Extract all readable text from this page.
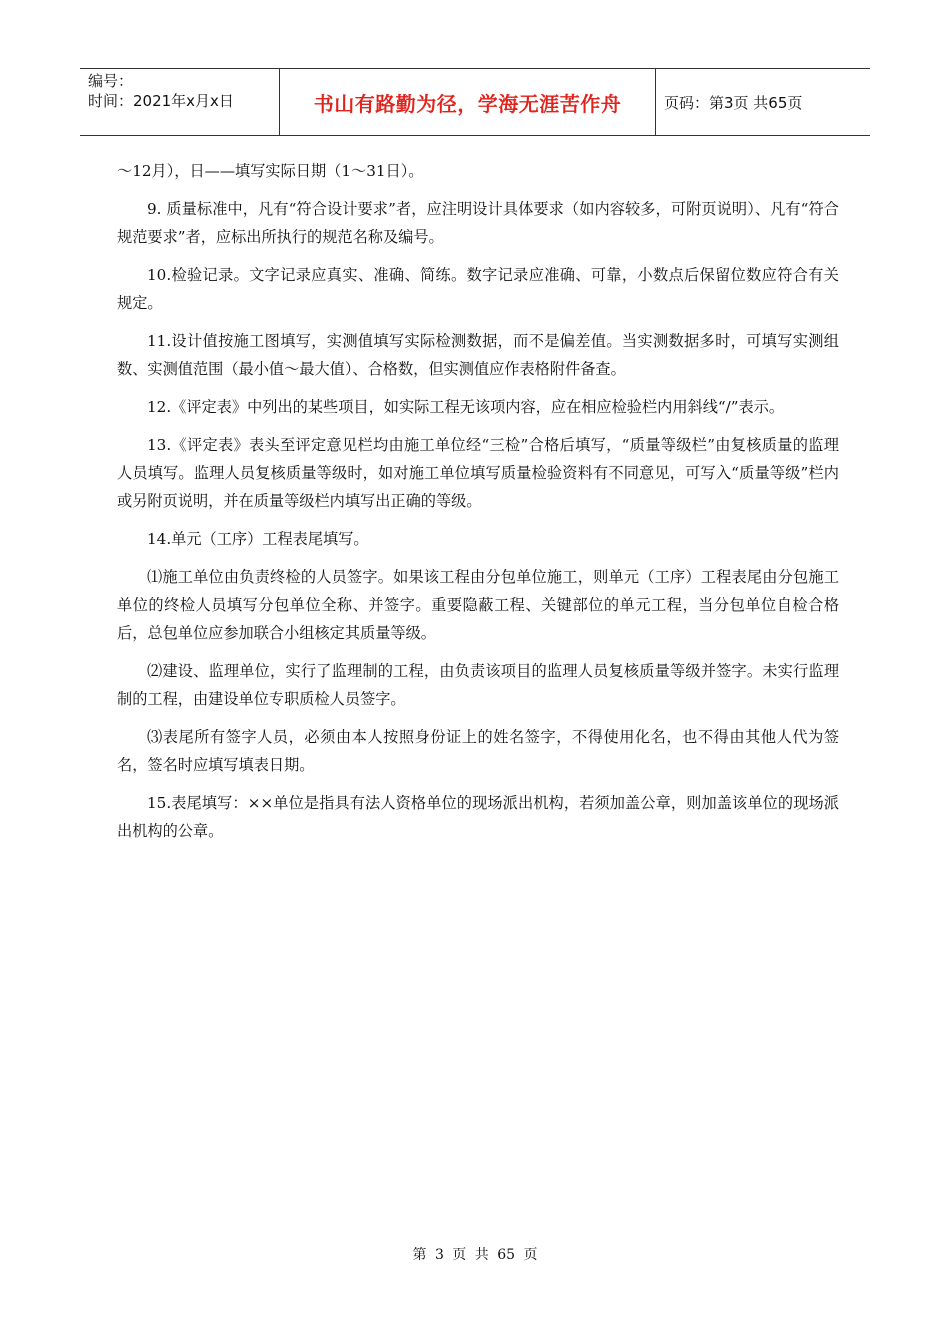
编号：
时间：2021年x月x日	书山有路勤为径，学海无涯苦作舟	页码：第3页 共65页

～12月），日——填写实际日期（1～31日）。

9. 质量标准中，凡有“符合设计要求”者，应注明设计具体要求（如内容较多，可附页说明）、凡有“符合规范要求”者，应标出所执行的规范名称及编号。

10.检验记录。文字记录应真实、准确、简练。数字记录应准确、可靠，小数点后保留位数应符合有关规定。

11.设计值按施工图填写，实测值填写实际检测数据，而不是偏差值。当实测数据多时，可填写实测组数、实测值范围（最小值～最大值）、合格数，但实测值应作表格附件备查。

12.《评定表》中列出的某些项目，如实际工程无该项内容，应在相应检验栏内用斜线“/”表示。

13.《评定表》表头至评定意见栏均由施工单位经“三检”合格后填写，“质量等级栏”由复核质量的监理人员填写。监理人员复核质量等级时，如对施工单位填写质量检验资料有不同意见，可写入“质量等级”栏内或另附页说明，并在质量等级栏内填写出正确的等级。

14.单元（工序）工程表尾填写。

⑴施工单位由负责终检的人员签字。如果该工程由分包单位施工，则单元（工序）工程表尾由分包施工单位的终检人员填写分包单位全称、并签字。重要隐蔽工程、关键部位的单元工程，当分包单位自检合格后，总包单位应参加联合小组核定其质量等级。

⑵建设、监理单位，实行了监理制的工程，由负责该项目的监理人员复核质量等级并签字。未实行监理制的工程，由建设单位专职质检人员签字。

⑶表尾所有签字人员，必须由本人按照身份证上的姓名签字，不得使用化名，也不得由其他人代为签名，签名时应填写填表日期。

15.表尾填写：××单位是指具有法人资格单位的现场派出机构，若须加盖公章，则加盖该单位的现场派出机构的公章。

第 3 页 共 65 页
